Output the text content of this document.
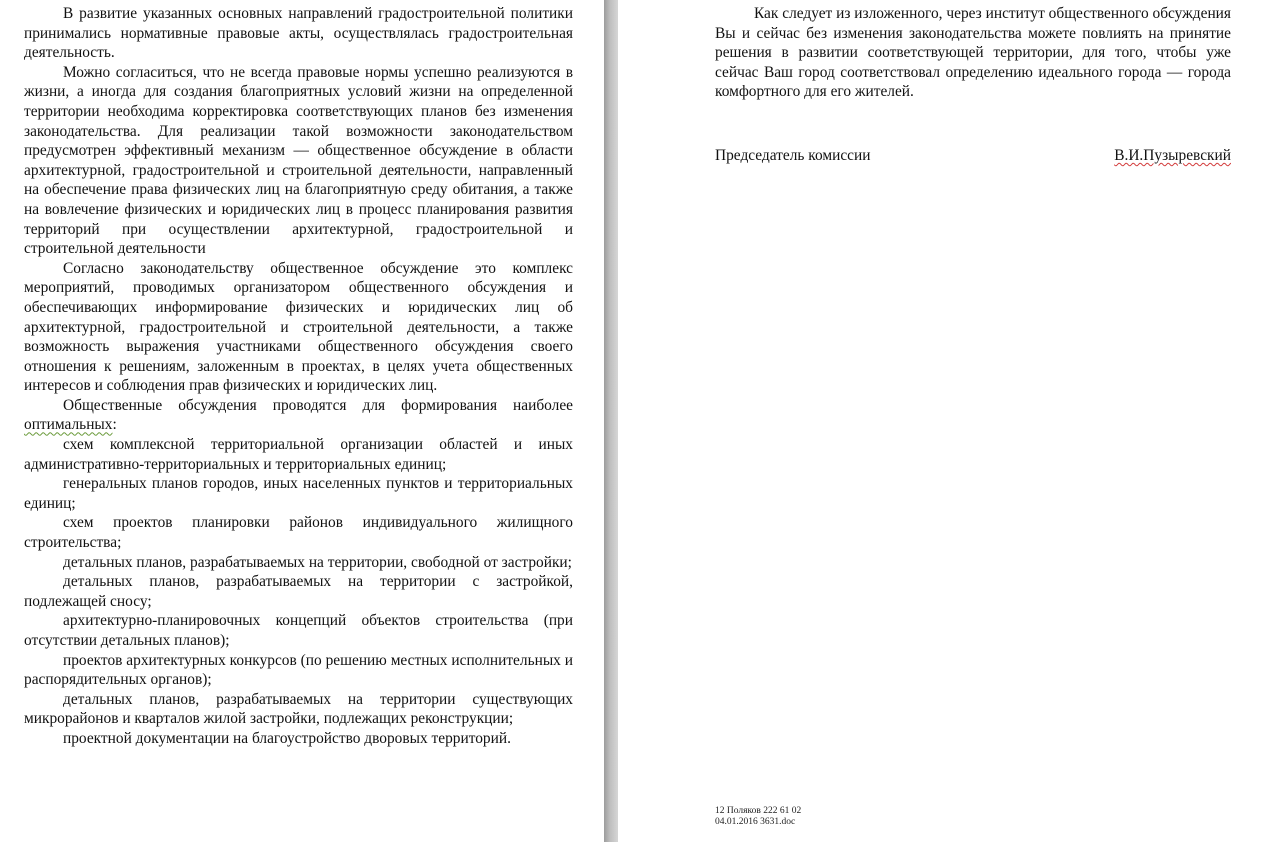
В развитие указанных основных направлений градостроительной политики принимались нормативные правовые акты, осуществлялась градостроительная деятельность.

Можно согласиться, что не всегда правовые нормы успешно реализуются в жизни, а иногда для создания благоприятных условий жизни на определенной территории необходима корректировка соответствующих планов без изменения законодательства. Для реализации такой возможности законодательством предусмотрен эффективный механизм — общественное обсуждение в области архитектурной, градостроительной и строительной деятельности, направленный на обеспечение права физических лиц на благоприятную среду обитания, а также на вовлечение физических и юридических лиц в процесс планирования развития территорий при осуществлении архитектурной, градостроительной и строительной деятельности

Согласно законодательству общественное обсуждение это комплекс мероприятий, проводимых организатором общественного обсуждения и обеспечивающих информирование физических и юридических лиц об архитектурной, градостроительной и строительной деятельности, а также возможность выражения участниками общественного обсуждения своего отношения к решениям, заложенным в проектах, в целях учета общественных интересов и соблюдения прав физических и юридических лиц.

Общественные обсуждения проводятся для формирования наиболее оптимальных:

схем комплексной территориальной организации областей и иных административно-территориальных и территориальных единиц;

генеральных планов городов, иных населенных пунктов и территориальных единиц;

схем проектов планировки районов индивидуального жилищного строительства;

детальных планов, разрабатываемых на территории, свободной от застройки;

детальных планов, разрабатываемых на территории с застройкой, подлежащей сносу;

архитектурно-планировочных концепций объектов строительства (при отсутствии детальных планов);

проектов архитектурных конкурсов (по решению местных исполнительных и распорядительных органов);

детальных планов, разрабатываемых на территории существующих микрорайонов и кварталов жилой застройки, подлежащих реконструкции;

проектной документации на благоустройство дворовых территорий.

Как следует из изложенного, через институт общественного обсуждения Вы и сейчас без изменения законодательства можете повлиять на принятие решения в развитии соответствующей территории, для того, чтобы уже сейчас Ваш город соответствовал определению идеального города — города комфортного для его жителей.

Председатель комиссии	В.И.Пузыревский
12 Поляков 222 61 02
04.01.2016 3631.doc
